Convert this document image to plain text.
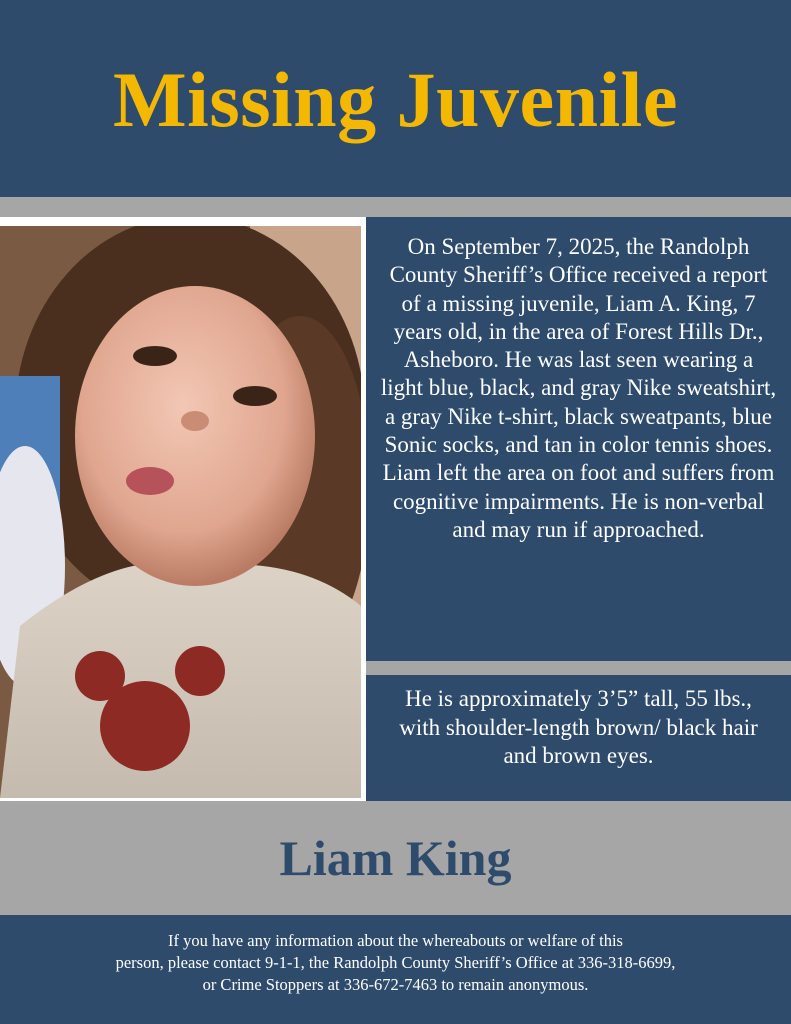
Missing Juvenile

On September 7, 2025, the Randolph County Sheriff’s Office received a report of a missing juvenile, Liam A. King, 7 years old, in the area of Forest Hills Dr., Asheboro. He was last seen wearing a light blue, black, and gray Nike sweatshirt, a gray Nike t-shirt, black sweatpants, blue Sonic socks, and tan in color tennis shoes. Liam left the area on foot and suffers from cognitive impairments. He is non-verbal and may run if approached.

He is approximately 3’5” tall, 55 lbs., with shoulder-length brown/ black hair and brown eyes.

Liam King

If you have any information about the whereabouts or welfare of this
person, please contact 9-1-1, the Randolph County Sheriff’s Office at 336-318-6699,
or Crime Stoppers at 336-672-7463 to remain anonymous.
